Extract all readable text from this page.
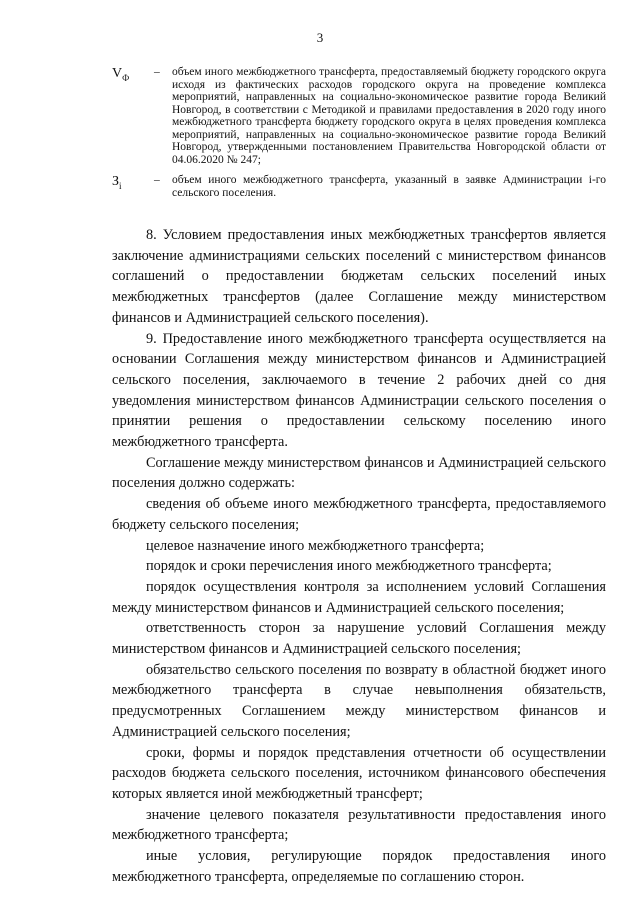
3
$V_Ф$	–	объем иного межбюджетного трансферта, предоставляемый бюджету городского округа исходя из фактических расходов городского округа на проведение комплекса мероприятий, направленных на социально-экономическое развитие города Великий Новгород, в соответствии с Методикой и правилами предоставления в 2020 году иного межбюджетного трансферта бюджету городского округа в целях проведения комплекса мероприятий, направленных на социально-экономическое развитие города Великий Новгород, утвержденными постановлением Правительства Новгородской области от 04.06.2020 № 247;
$З_i$	–	объем иного межбюджетного трансферта, указанный в заявке Администрации i-го сельского поселения.

8. Условием предоставления иных межбюджетных трансфертов является заключение администрациями сельских поселений с министерством финансов соглашений о предоставлении бюджетам сельских поселений иных межбюджетных трансфертов (далее Соглашение между министерством финансов и Администрацией сельского поселения).

9. Предоставление иного межбюджетного трансферта осуществляется на основании Соглашения между министерством финансов и Администрацией сельского поселения, заключаемого в течение 2 рабочих дней со дня уведомления министерством финансов Администрации сельского поселения о принятии решения о предоставлении сельскому поселению иного межбюджетного трансферта.

Соглашение между министерством финансов и Администрацией сельского поселения должно содержать:

сведения об объеме иного межбюджетного трансферта, предоставляемого бюджету сельского поселения;

целевое назначение иного межбюджетного трансферта;

порядок и сроки перечисления иного межбюджетного трансферта;

порядок осуществления контроля за исполнением условий Соглашения между министерством финансов и Администрацией сельского поселения;

ответственность сторон за нарушение условий Соглашения между министерством финансов и Администрацией сельского поселения;

обязательство сельского поселения по возврату в областной бюджет иного межбюджетного трансферта в случае невыполнения обязательств, предусмотренных Соглашением между министерством финансов и Администрацией сельского поселения;

сроки, формы и порядок представления отчетности об осуществлении расходов бюджета сельского поселения, источником финансового обеспечения которых является иной межбюджетный трансферт;

значение целевого показателя результативности предоставления иного межбюджетного трансферта;

иные условия, регулирующие порядок предоставления иного межбюджетного трансферта, определяемые по соглашению сторон.
